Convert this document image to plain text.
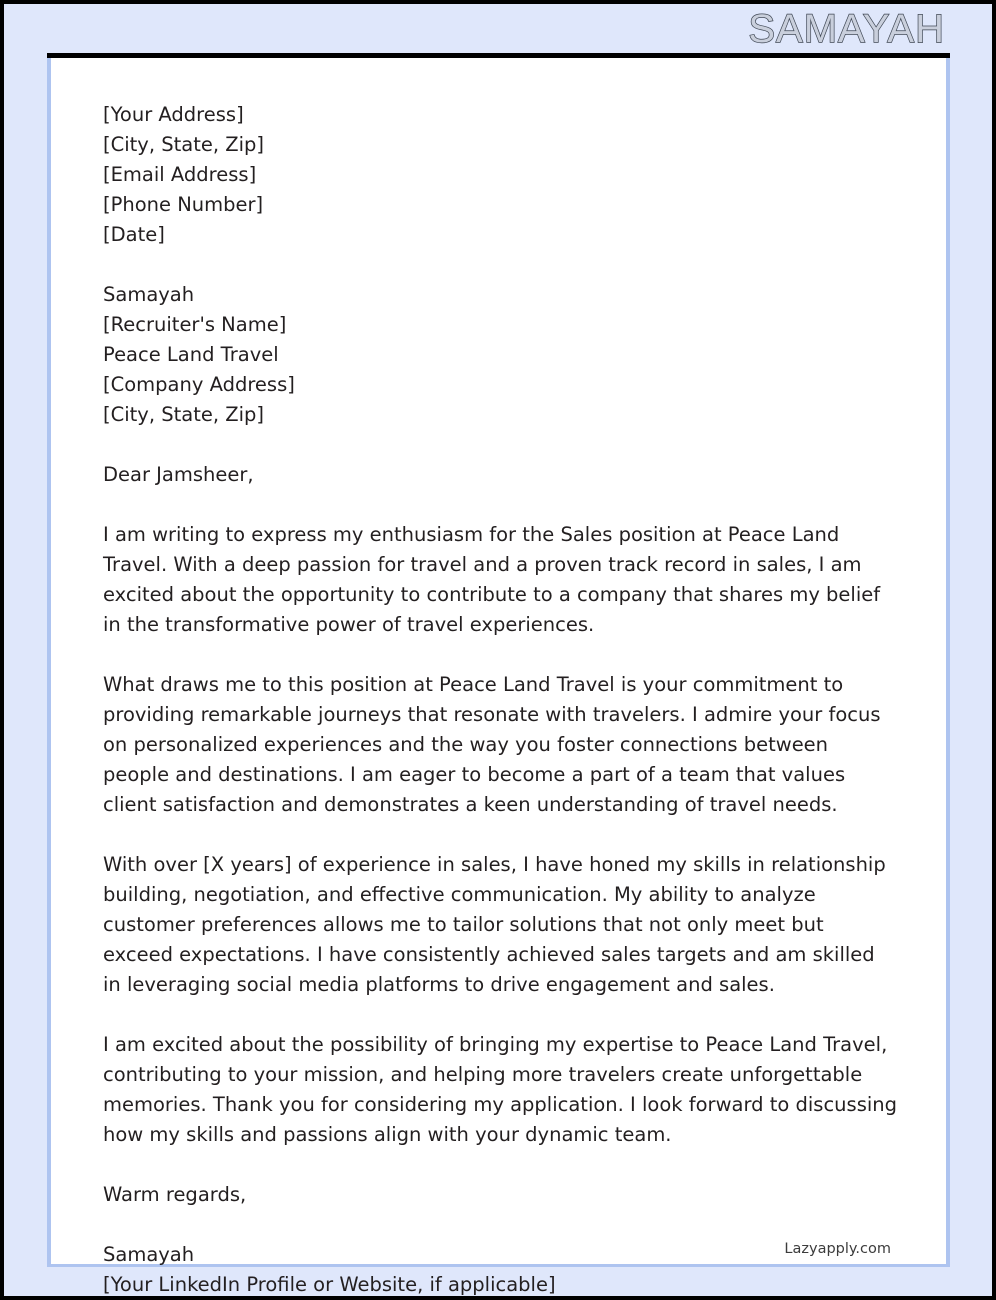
SAMAYAH
[Your Address]
[City, State, Zip]
[Email Address]
[Phone Number]
[Date]
Samayah
[Recruiter's Name]
Peace Land Travel
[Company Address]
[City, State, Zip]
Dear Jamsheer,

I am writing to express my enthusiasm for the Sales position at Peace Land Travel. With a deep passion for travel and a proven track record in sales, I am excited about the opportunity to contribute to a company that shares my belief in the transformative power of travel experiences.

What draws me to this position at Peace Land Travel is your commitment to providing remarkable journeys that resonate with travelers. I admire your focus on personalized experiences and the way you foster connections between people and destinations. I am eager to become a part of a team that values client satisfaction and demonstrates a keen understanding of travel needs.

With over [X years] of experience in sales, I have honed my skills in relationship building, negotiation, and effective communication. My ability to analyze customer preferences allows me to tailor solutions that not only meet but exceed expectations. I have consistently achieved sales targets and am skilled in leveraging social media platforms to drive engagement and sales.

I am excited about the possibility of bringing my expertise to Peace Land Travel, contributing to your mission, and helping more travelers create unforgettable memories. Thank you for considering my application. I look forward to discussing how my skills and passions align with your dynamic team.

Warm regards,
Samayah
[Your LinkedIn Profile or Website, if applicable]
Lazyapply.com
